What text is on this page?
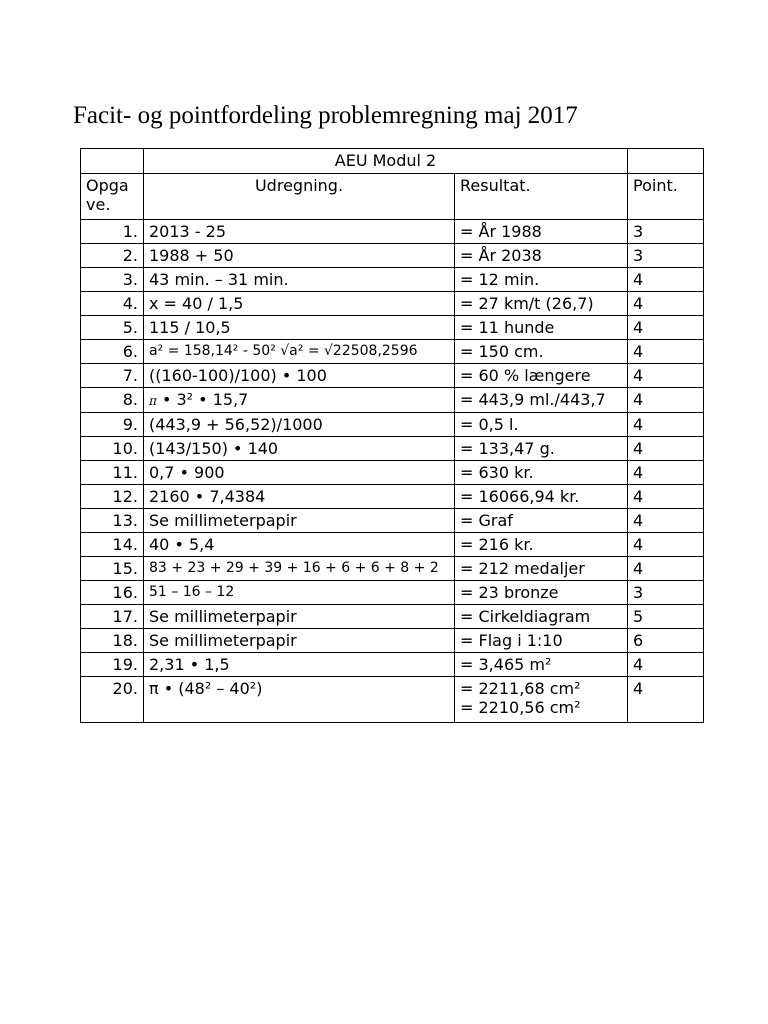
Facit- og pointfordeling problemregning maj 2017
	AEU Modul 2		
Opga ve.	Udregning.	Resultat.	Point.
1.	2013 - 25	= År 1988	3
2.	1988 + 50	= År 2038	3
3.	43 min. – 31 min.	= 12 min.	4
4.	x = 40 / 1,5	= 27 km/t (26,7)	4
5.	115 / 10,5	= 11 hunde	4
6.	a² = 158,14² - 50² √a² = √22508,2596	= 150 cm.	4
7.	((160-100)/100) • 100	= 60 % længere	4
8.	π • 3² • 15,7	= 443,9 ml./443,7	4
9.	(443,9 + 56,52)/1000	= 0,5 l.	4
10.	(143/150) • 140	= 133,47 g.	4
11.	0,7 • 900	= 630 kr.	4
12.	2160 • 7,4384	= 16066,94 kr.	4
13.	Se millimeterpapir	= Graf	4
14.	40 • 5,4	= 216 kr.	4
15.	83 + 23 + 29 + 39 + 16 + 6 + 6 + 8 + 2	= 212 medaljer	4
16.	51 – 16 – 12	= 23 bronze	3
17.	Se millimeterpapir	= Cirkeldiagram	5
18.	Se millimeterpapir	= Flag i 1:10	6
19.	2,31 • 1,5	= 3,465 m²	4
20.	π • (48² – 40²)	= 2211,68 cm²
= 2210,56 cm²	4
